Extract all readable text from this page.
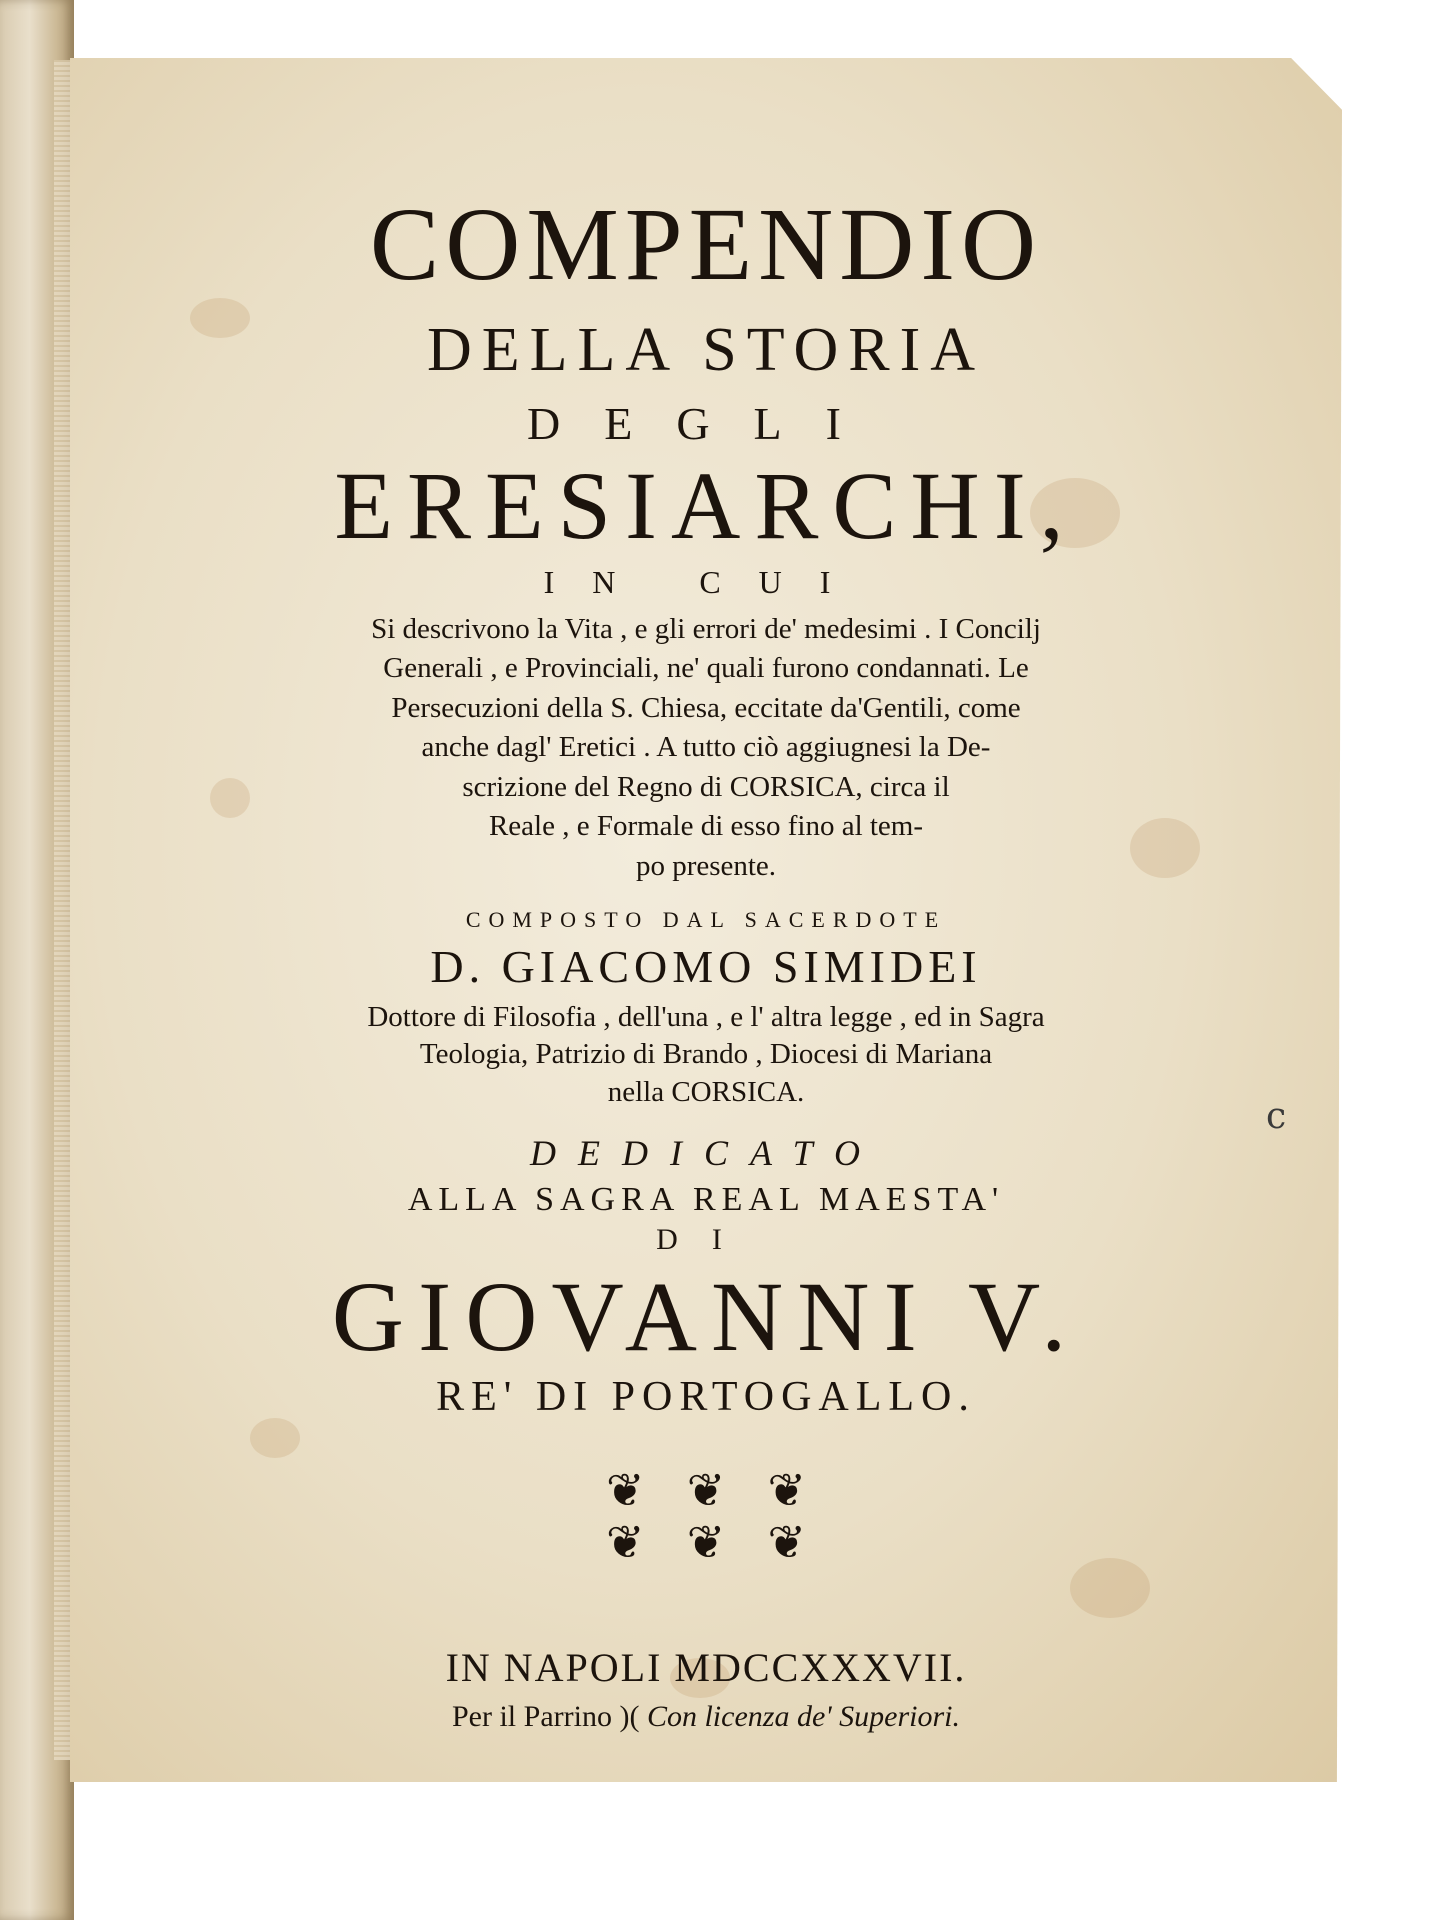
COMPENDIO
DELLA STORIA
DEGLI
ERESIARCHI,
IN CUI
Si descrivono la Vita , e gli errori de' medesimi . I Concilj
Generali , e Provinciali, ne' quali furono condannati. Le
Persecuzioni della S. Chiesa, eccitate da'Gentili, come
anche dagl' Eretici . A tutto ciò aggiugnesi la De-
scrizione del Regno di CORSICA, circa il
Reale , e Formale di esso fino al tem-
po presente.
COMPOSTO DAL SACERDOTE
D. GIACOMO SIMIDEI
Dottore di Filosofia , dell'una , e l' altra legge , ed in Sagra
Teologia, Patrizio di Brando , Diocesi di Mariana
nella CORSICA.
DEDICATO
ALLA SAGRA REAL MAESTA'
DI
GIOVANNI V.
RE' DI PORTOGALLO.
❦ ❦ ❦
❦ ❦ ❦
IN NAPOLI MDCCXXXVII.
Per il Parrino )( Con licenza de' Superiori.
c
